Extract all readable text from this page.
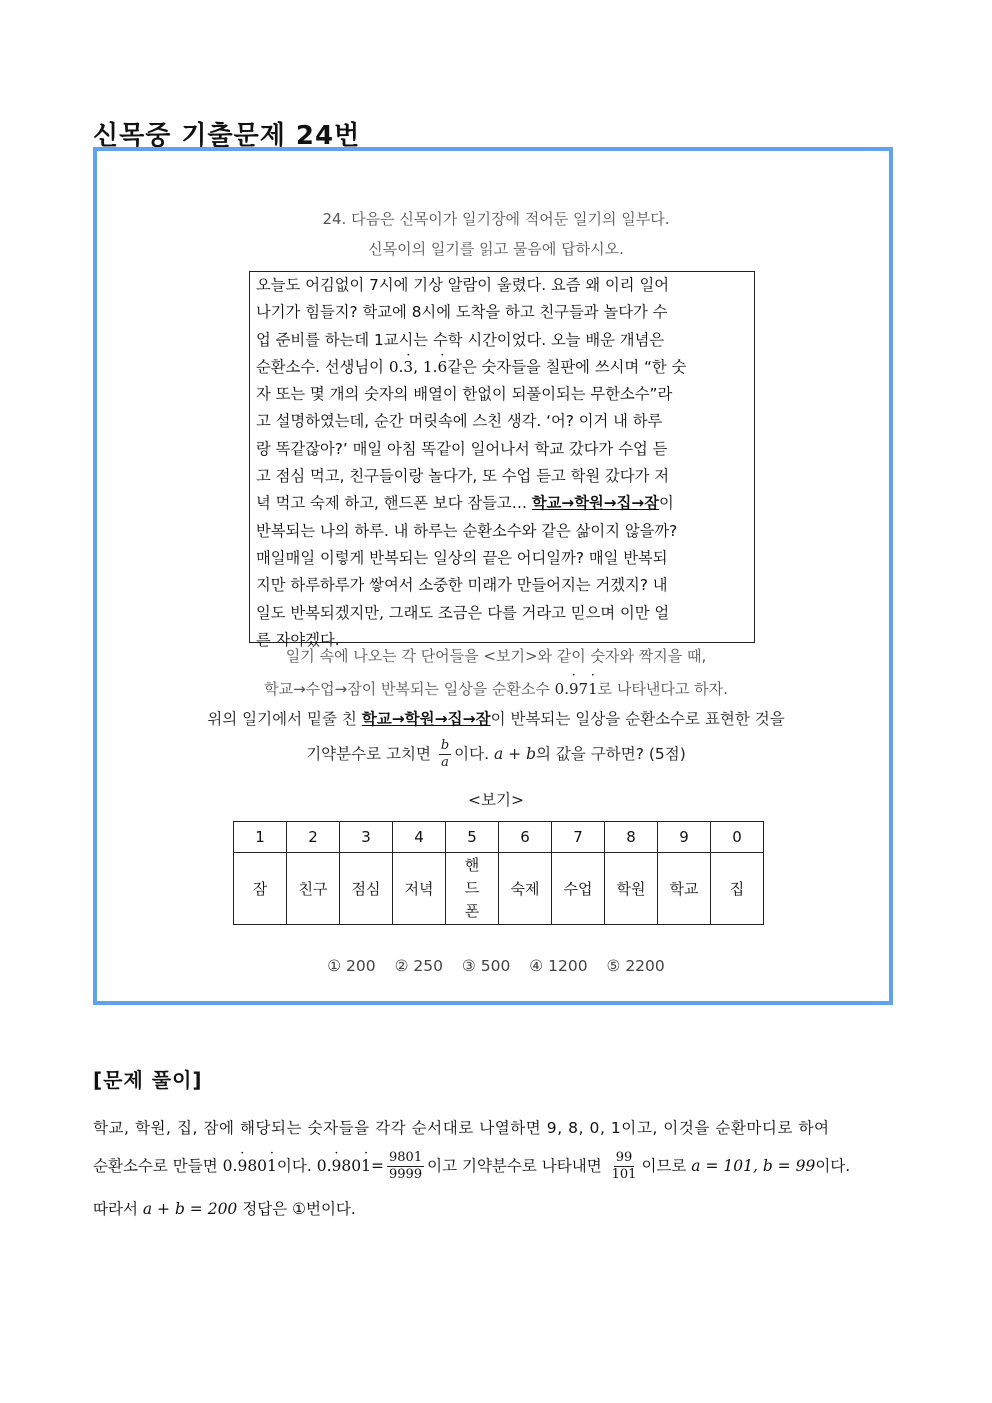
신목중 기출문제 24번
24. 다음은 신목이가 일기장에 적어둔 일기의 일부다.
신목이의 일기를 읽고 물음에 답하시오.
오늘도 어김없이 7시에 기상 알람이 울렸다. 요즘 왜 이리 일어
나기가 힘들지? 학교에 8시에 도착을 하고 친구들과 놀다가 수
업 준비를 하는데 1교시는 수학 시간이었다. 오늘 배운 개념은
순환소수. 선생님이 0.3 ·, 1.6 ·같은 숫자들을 칠판에 쓰시며 “한 숫
자 또는 몇 개의 숫자의 배열이 한없이 되풀이되는 무한소수”라
고 설명하였는데, 순간 머릿속에 스친 생각. ‘어? 이거 내 하루
랑 똑같잖아?’ 매일 아침 똑같이 일어나서 학교 갔다가 수업 듣
고 점심 먹고, 친구들이랑 놀다가, 또 수업 듣고 학원 갔다가 저
녁 먹고 숙제 하고, 핸드폰 보다 잠들고… 학교→학원→집→잠이
반복되는 나의 하루. 내 하루는 순환소수와 같은 삶이지 않을까?
매일매일 이렇게 반복되는 일상의 끝은 어디일까? 매일 반복되
지만 하루하루가 쌓여서 소중한 미래가 만들어지는 거겠지? 내
일도 반복되겠지만, 그래도 조금은 다를 거라고 믿으며 이만 얼
른 자야겠다.
일기 속에 나오는 각 단어들을 <보기>와 같이 숫자와 짝지을 때,
학교→수업→잠이 반복되는 일상을 순환소수 0.9 ·71 ·로 나타낸다고 하자.
위의 일기에서 밑줄 친 학교→학원→집→잠이 반복되는 일상을 순환소수로 표현한 것을
기약분수로 고치면 $\frac{b}{a}$ 이다. a + b의 값을 구하면? (5점)
<보기>
1	2	3	4	5	6	7	8	9	0
잠	친구	점심	저녁	핸
드
폰	숙제	수업	학원	학교	집
① 200 ② 250 ③ 500 ④ 1200 ⑤ 2200
[문제 풀이]
학교, 학원, 집, 잠에 해당되는 숫자들을 각각 순서대로 나열하면 9, 8, 0, 1이고, 이것을 순환마디로 하여
순환소수로 만들면 0.9 ·801 ·이다. $0.9 \cdot 801 \cdot= \frac{9801}{9999}$ 이고 기약분수로 나타내면 $\frac{99}{101}$ 이므로 a = 101, b = 99이다.
따라서 a + b = 200 정답은 ①번이다.
